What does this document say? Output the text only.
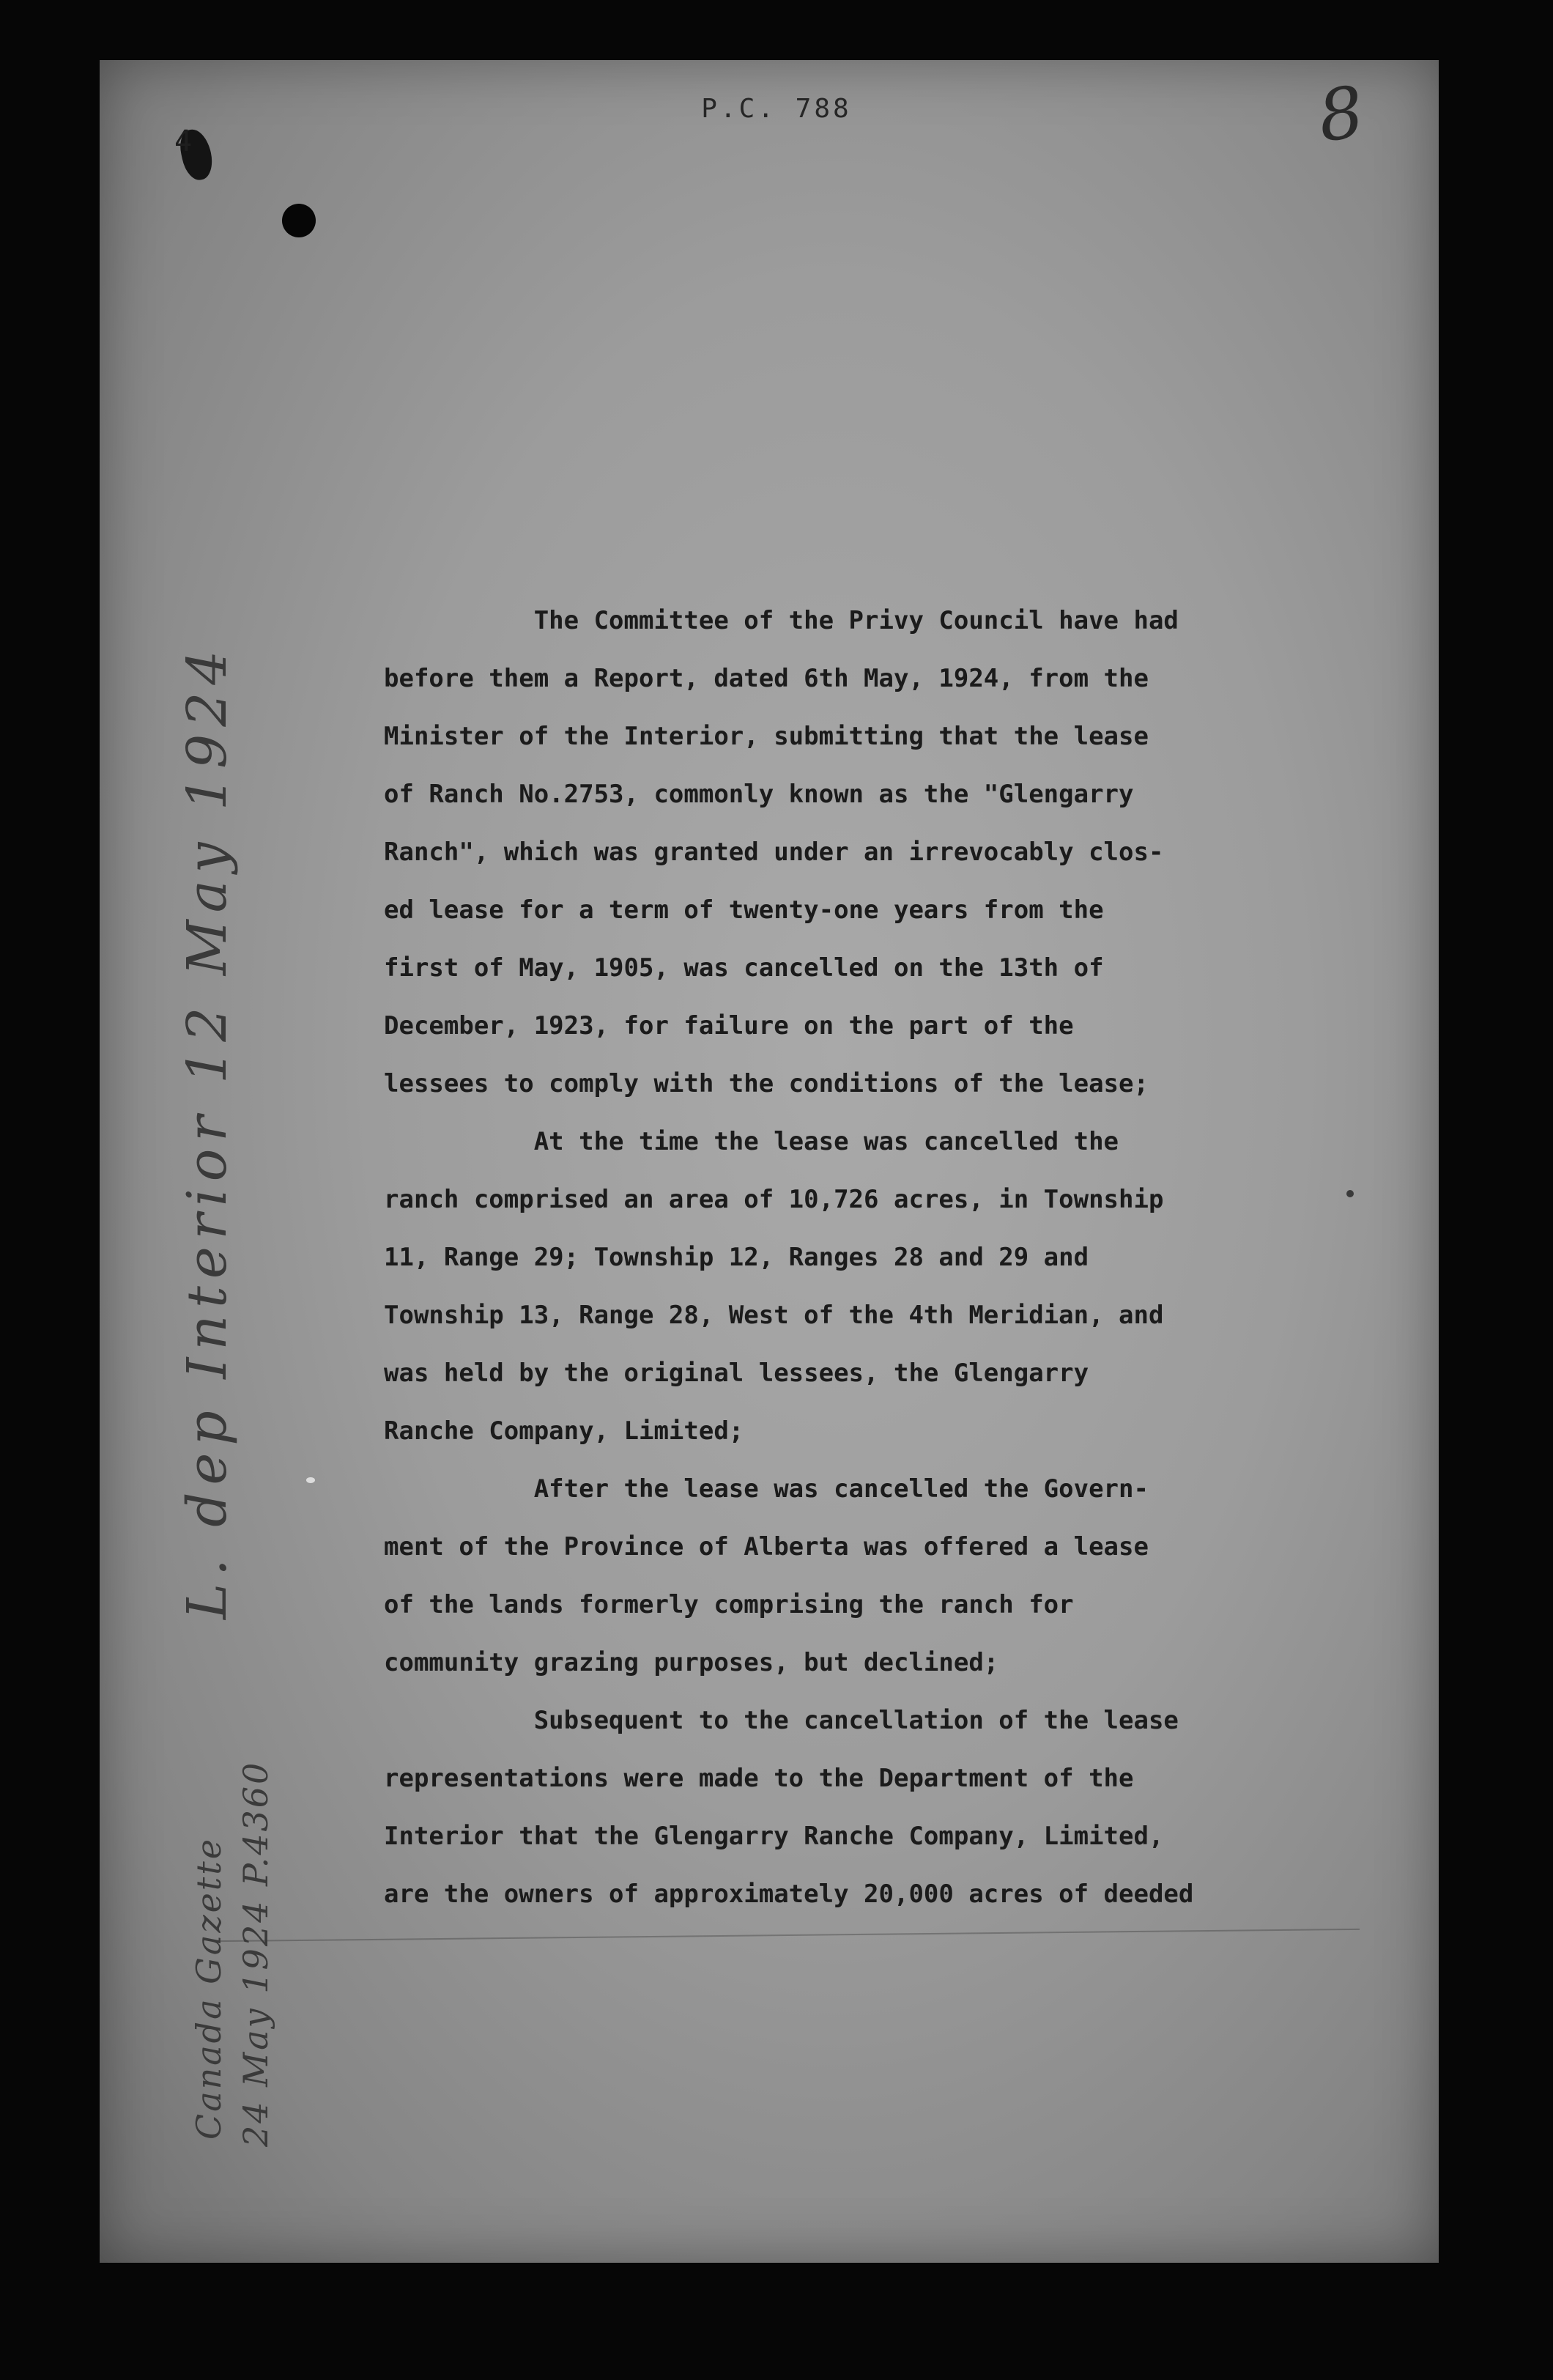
4
P.C. 788	8
The Committee of the Privy Council have had
before them a Report, dated 6th May, 1924, from the
Minister of the Interior, submitting that the lease
of Ranch No.2753, commonly known as the "Glengarry
Ranch", which was granted under an irrevocably clos-
ed lease for a term of twenty-one years from the
first of May, 1905, was cancelled on the 13th of
December, 1923, for failure on the part of the
lessees to comply with the conditions of the lease;
At the time the lease was cancelled the
ranch comprised an area of 10,726 acres, in Township
11, Range 29; Township 12, Ranges 28 and 29 and
Township 13, Range 28, West of the 4th Meridian, and
was held by the original lessees, the Glengarry
Ranche Company, Limited;
After the lease was cancelled the Govern-
ment of the Province of Alberta was offered a lease
of the lands formerly comprising the ranch for
community grazing purposes, but declined;
Subsequent to the cancellation of the lease
representations were made to the Department of the
Interior that the Glengarry Ranche Company, Limited,
are the owners of approximately 20,000 acres of deeded
L. dep Interior 12 May 1924
Canada Gazette 24 May 1924 P.4360
